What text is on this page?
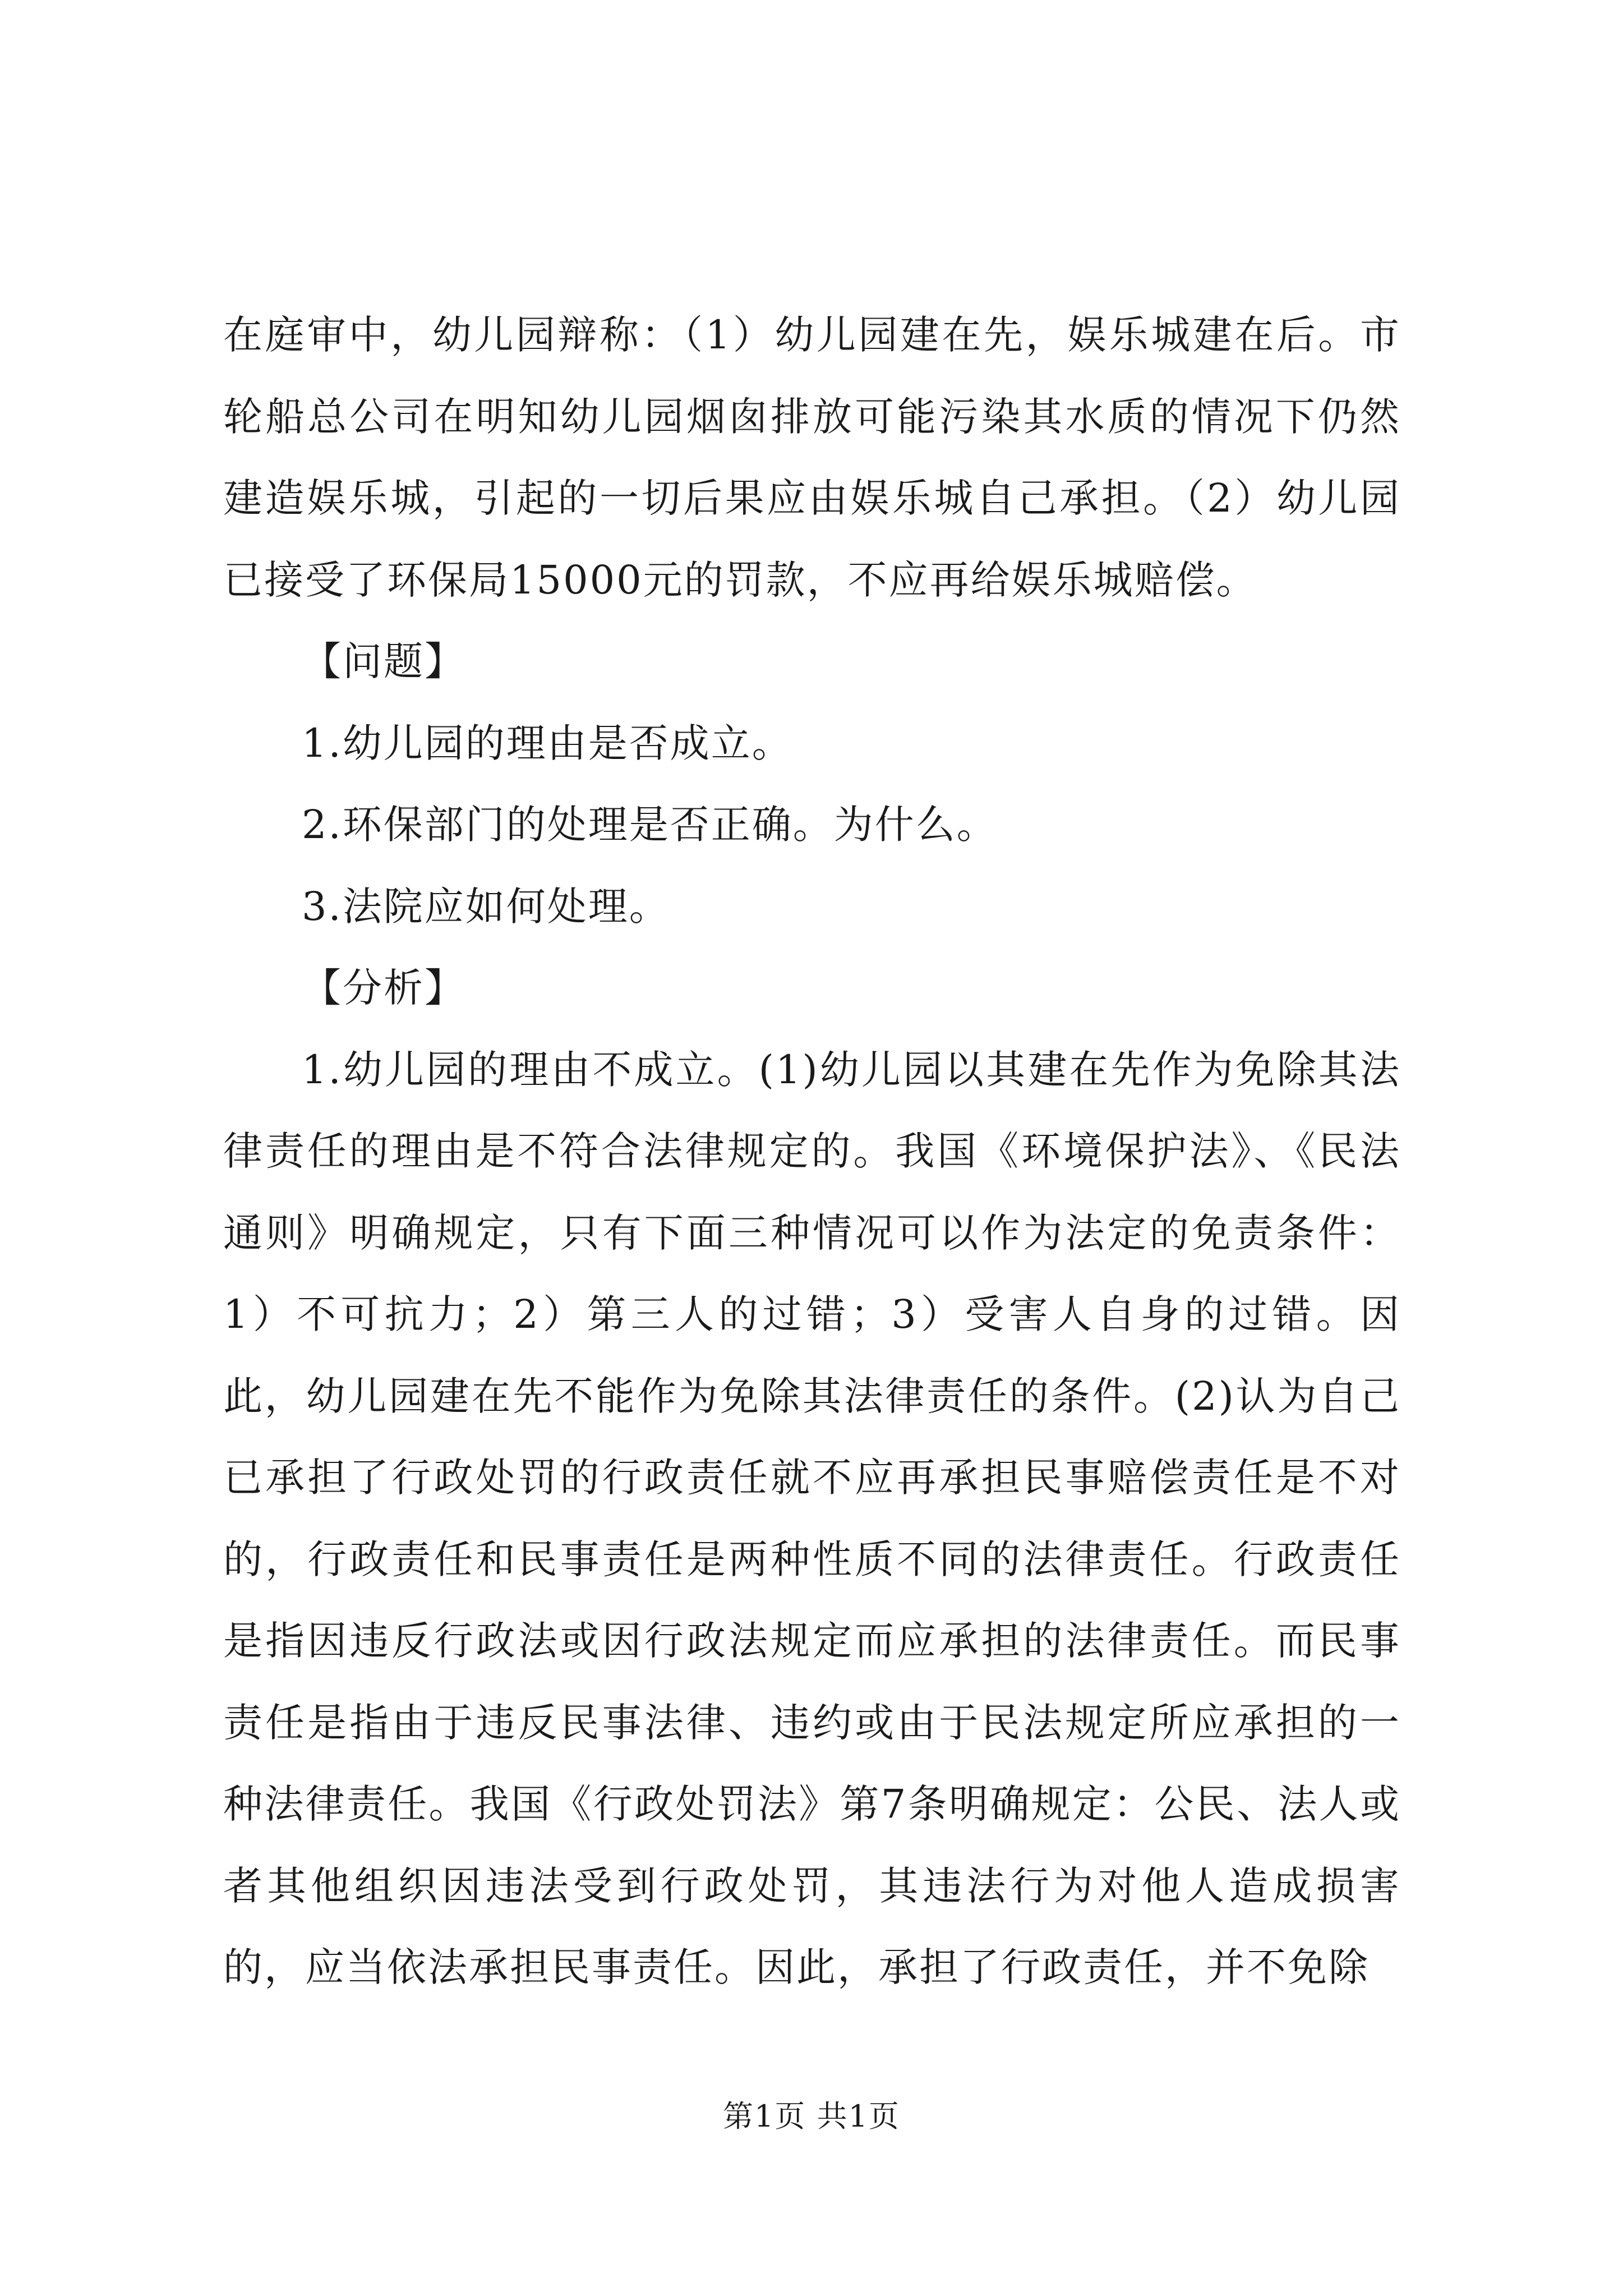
在庭审中，幼儿园辩称：（1）幼儿园建在先，娱乐城建在后。市轮船总公司在明知幼儿园烟囱排放可能污染其水质的情况下仍然建造娱乐城，引起的一切后果应由娱乐城自己承担。（2）幼儿园已接受了环保局15000元的罚款，不应再给娱乐城赔偿。

【问题】

1.幼儿园的理由是否成立。

2.环保部门的处理是否正确。为什么。

3.法院应如何处理。

【分析】

1.幼儿园的理由不成立。(1)幼儿园以其建在先作为免除其法律责任的理由是不符合法律规定的。我国《环境保护法》、《民法通则》明确规定，只有下面三种情况可以作为法定的免责条件：1）不可抗力；2）第三人的过错；3）受害人自身的过错。因此，幼儿园建在先不能作为免除其法律责任的条件。(2)认为自己已承担了行政处罚的行政责任就不应再承担民事赔偿责任是不对的，行政责任和民事责任是两种性质不同的法律责任。行政责任是指因违反行政法或因行政法规定而应承担的法律责任。而民事责任是指由于违反民事法律、违约或由于民法规定所应承担的一种法律责任。我国《行政处罚法》第7条明确规定：公民、法人或者其他组织因违法受到行政处罚，其违法行为对他人造成损害的，应当依法承担民事责任。因此，承担了行政责任，并不免除

第1页 共1页
